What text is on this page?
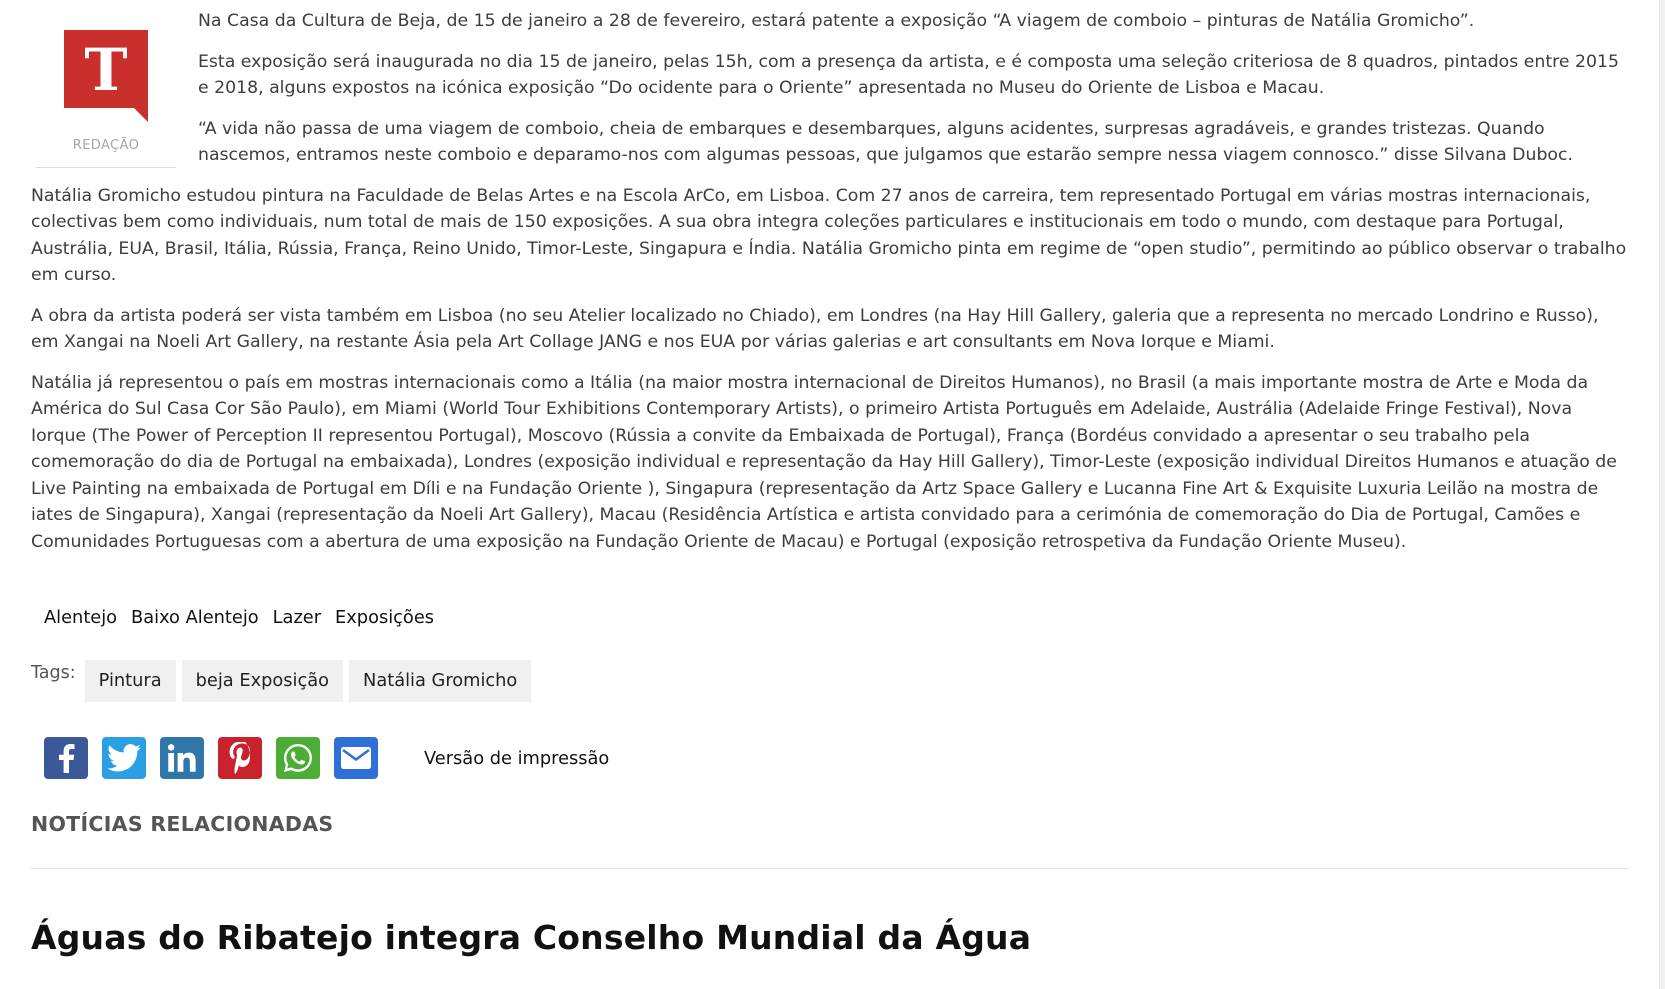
T
REDAÇÃO

Na Casa da Cultura de Beja, de 15 de janeiro a 28 de fevereiro, estará patente a exposição “A viagem de comboio – pinturas de Natália Gromicho”.

Esta exposição será inaugurada no dia 15 de janeiro, pelas 15h, com a presença da artista, e é composta uma seleção criteriosa de 8 quadros, pintados entre 2015 e 2018, alguns expostos na icónica exposição “Do ocidente para o Oriente” apresentada no Museu do Oriente de Lisboa e Macau.

“A vida não passa de uma viagem de comboio, cheia de embarques e desembarques, alguns acidentes, surpresas agradáveis, e grandes tristezas. Quando nascemos, entramos neste comboio e deparamo-nos com algumas pessoas, que julgamos que estarão sempre nessa viagem connosco.” disse Silvana Duboc.

Natália Gromicho estudou pintura na Faculdade de Belas Artes e na Escola ArCo, em Lisboa. Com 27 anos de carreira, tem representado Portugal em várias mostras internacionais, colectivas bem como individuais, num total de mais de 150 exposições. A sua obra integra coleções particulares e institucionais em todo o mundo, com destaque para Portugal, Austrália, EUA, Brasil, Itália, Rússia, França, Reino Unido, Timor-Leste, Singapura e Índia. Natália Gromicho pinta em regime de “open studio”, permitindo ao público observar o trabalho em curso.

A obra da artista poderá ser vista também em Lisboa (no seu Atelier localizado no Chiado), em Londres (na Hay Hill Gallery, galeria que a representa no mercado Londrino e Russo), em Xangai na Noeli Art Gallery, na restante Ásia pela Art Collage JANG e nos EUA por várias galerias e art consultants em Nova Iorque e Miami.

Natália já representou o país em mostras internacionais como a Itália (na maior mostra internacional de Direitos Humanos), no Brasil (a mais importante mostra de Arte e Moda da América do Sul Casa Cor São Paulo), em Miami (World Tour Exhibitions Contemporary Artists), o primeiro Artista Português em Adelaide, Austrália (Adelaide Fringe Festival), Nova Iorque (The Power of Perception II representou Portugal), Moscovo (Rússia a convite da Embaixada de Portugal), França (Bordéus convidado a apresentar o seu trabalho pela comemoração do dia de Portugal na embaixada), Londres (exposição individual e representação da Hay Hill Gallery), Timor-Leste (exposição individual Direitos Humanos e atuação de Live Painting na embaixada de Portugal em Díli e na Fundação Oriente ), Singapura (representação da Artz Space Gallery e Lucanna Fine Art & Exquisite Luxuria Leilão na mostra de iates de Singapura), Xangai (representação da Noeli Art Gallery), Macau (Residência Artística e artista convidado para a cerimónia de comemoração do Dia de Portugal, Camões e Comunidades Portuguesas com a abertura de uma exposição na Fundação Oriente de Macau) e Portugal (exposição retrospetiva da Fundação Oriente Museu).

Alentejo Baixo Alentejo Lazer Exposições
Tags:	Pintura	beja Exposição	Natália Gromicho
Versão de impressão
NOTÍCIAS RELACIONADAS
Águas do Ribatejo integra Conselho Mundial da Água
